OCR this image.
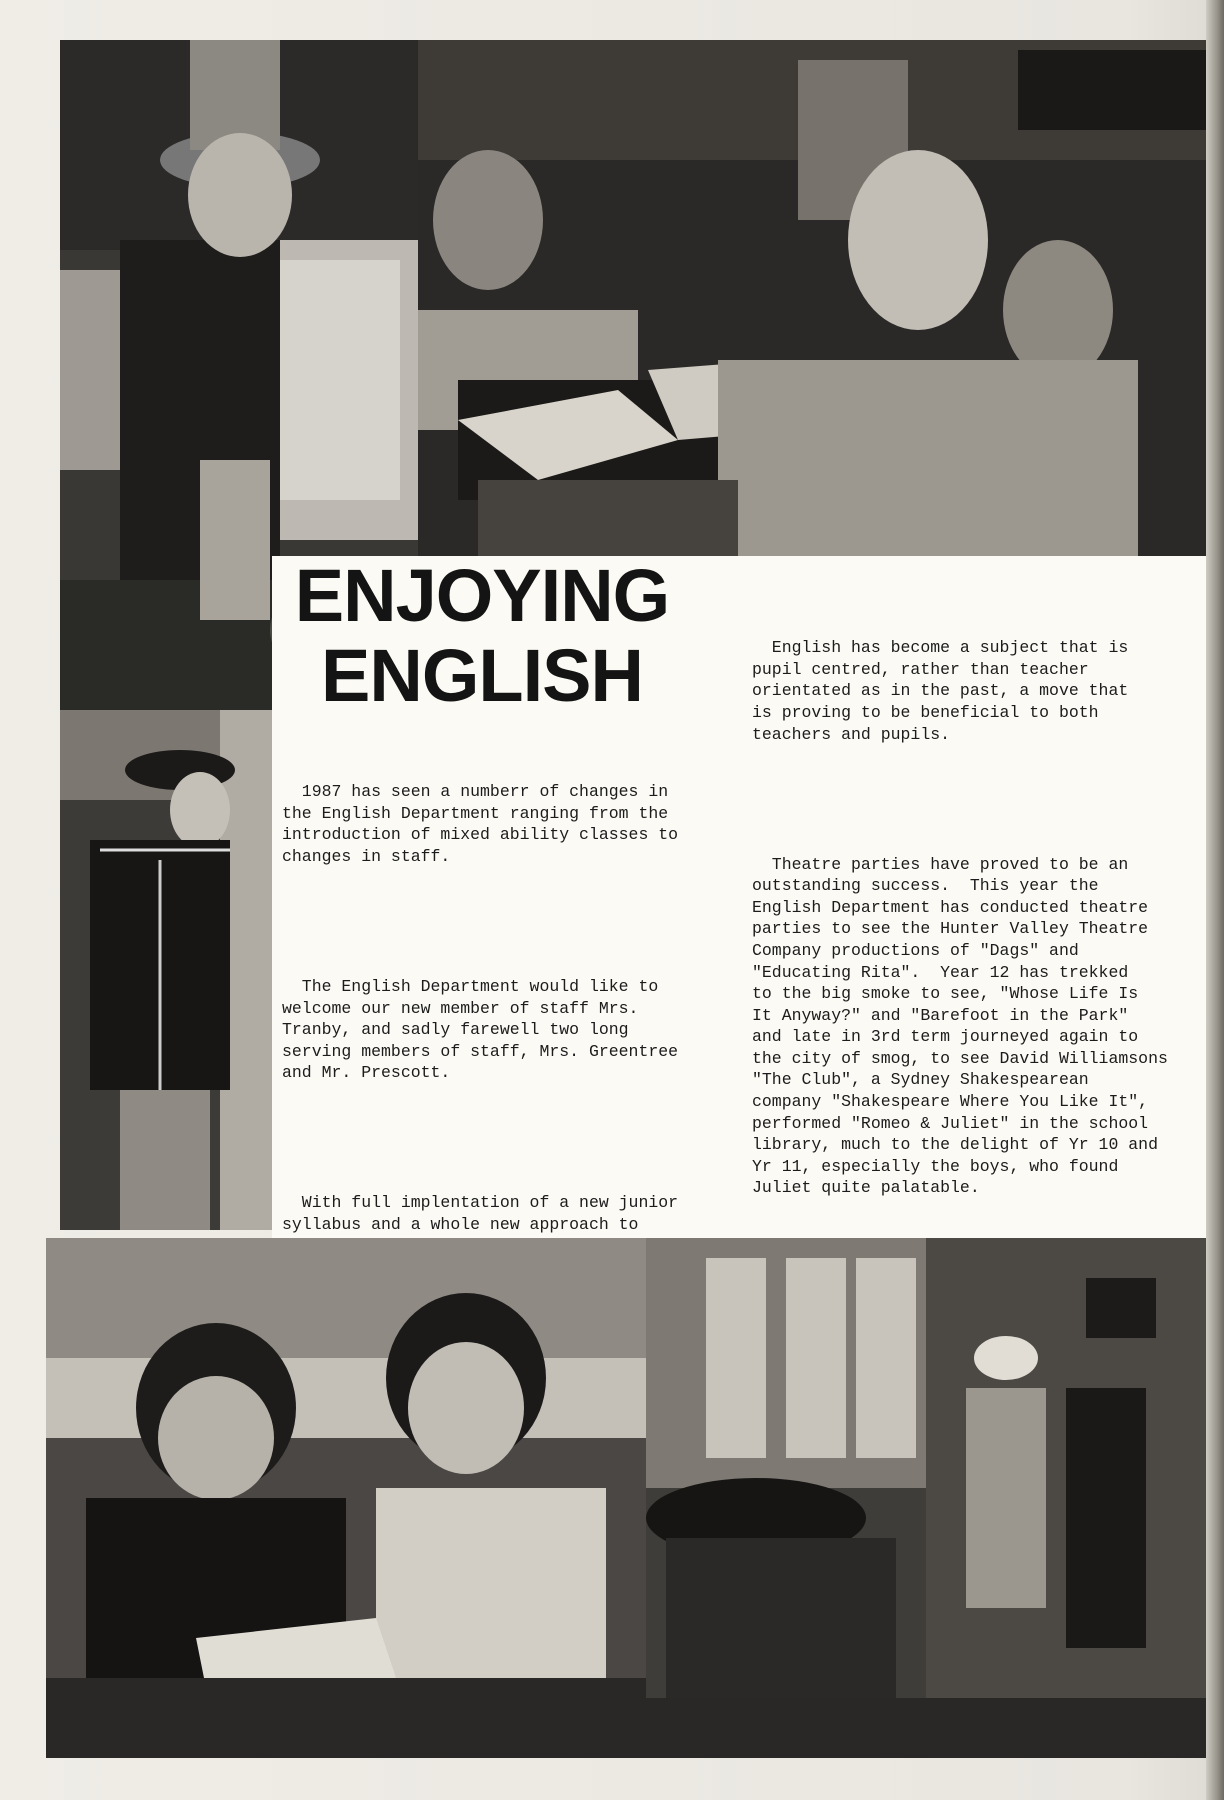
ENJOYING
ENGLISH

1987 has seen a numberr of changes in
the English Department ranging from the
introduction of mixed ability classes to
changes in staff.

The English Department would like to
welcome our new member of staff Mrs.
Tranby, and sadly farewell two long
serving members of staff, Mrs. Greentree
and Mr. Prescott.

With full implentation of a new junior
syllabus and a whole new approach to

English has become a subject that is
pupil centred, rather than teacher
orientated as in the past, a move that
is proving to be beneficial to both
teachers and pupils.

Theatre parties have proved to be an
outstanding success.  This year the
English Department has conducted theatre
parties to see the Hunter Valley Theatre
Company productions of "Dags" and
"Educating Rita".  Year 12 has trekked
to the big smoke to see, "Whose Life Is
It Anyway?" and "Barefoot in the Park"
and late in 3rd term journeyed again to
the city of smog, to see David Williamsons
"The Club", a Sydney Shakespearean
company "Shakespeare Where You Like It",
performed "Romeo & Juliet" in the school
library, much to the delight of Yr 10 and
Yr 11, especially the boys, who found
Juliet quite palatable.
